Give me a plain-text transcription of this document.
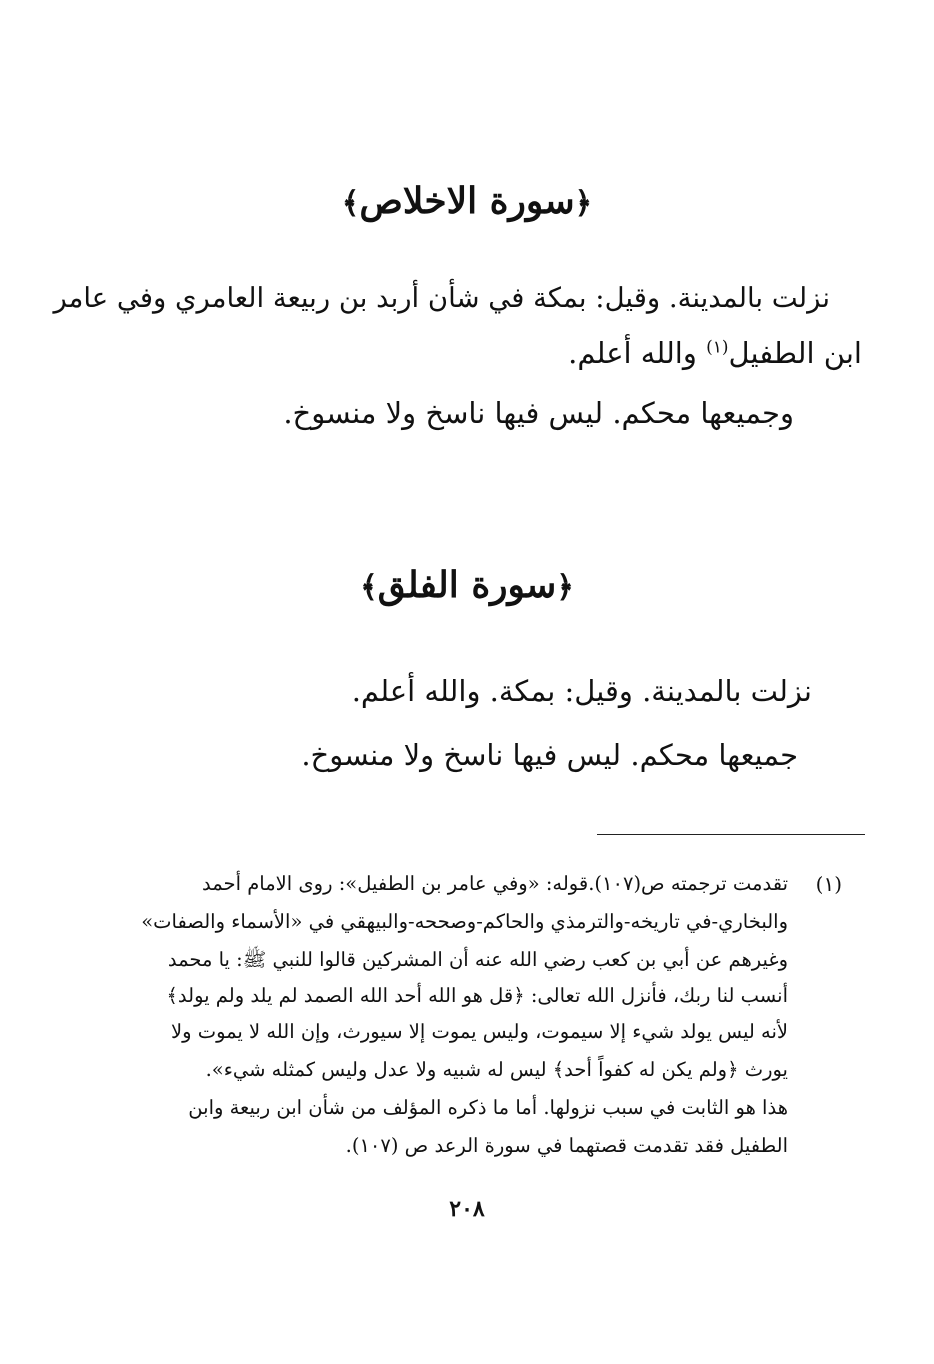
﴿سورة الاخلاص﴾
نزلت بالمدينة. وقيل: بمكة في شأن أربد بن ربيعة العامري وفي عامر
ابن الطفيل$^{(١)}$ والله أعلم.
وجميعها محكم. ليس فيها ناسخ ولا منسوخ.
﴿سورة الفلق﴾
نزلت بالمدينة. وقيل: بمكة. والله أعلم.
جميعها محكم. ليس فيها ناسخ ولا منسوخ.
(١)
تقدمت ترجمته ص(١٠٧).قوله: «وفي عامر بن الطفيل»: روى الامام أحمد
والبخاري-في تاريخه-والترمذي والحاكم-وصححه-والبيهقي في «الأسماء والصفات»
وغيرهم عن أبي بن كعب رضي الله عنه أن المشركين قالوا للنبي ﷺ: يا محمد
أنسب لنا ربك، فأنزل الله تعالى: ﴿قل هو الله أحد الله الصمد لم يلد ولم يولد﴾
لأنه ليس يولد شيء إلا سيموت، وليس يموت إلا سيورث، وإن الله لا يموت ولا
يورث ﴿ولم يكن له كفواً أحد﴾ ليس له شبيه ولا عدل وليس كمثله شيء».
هذا هو الثابت في سبب نزولها. أما ما ذكره المؤلف من شأن ابن ربيعة وابن
الطفيل فقد تقدمت قصتهما في سورة الرعد ص (١٠٧).
٢٠٨
